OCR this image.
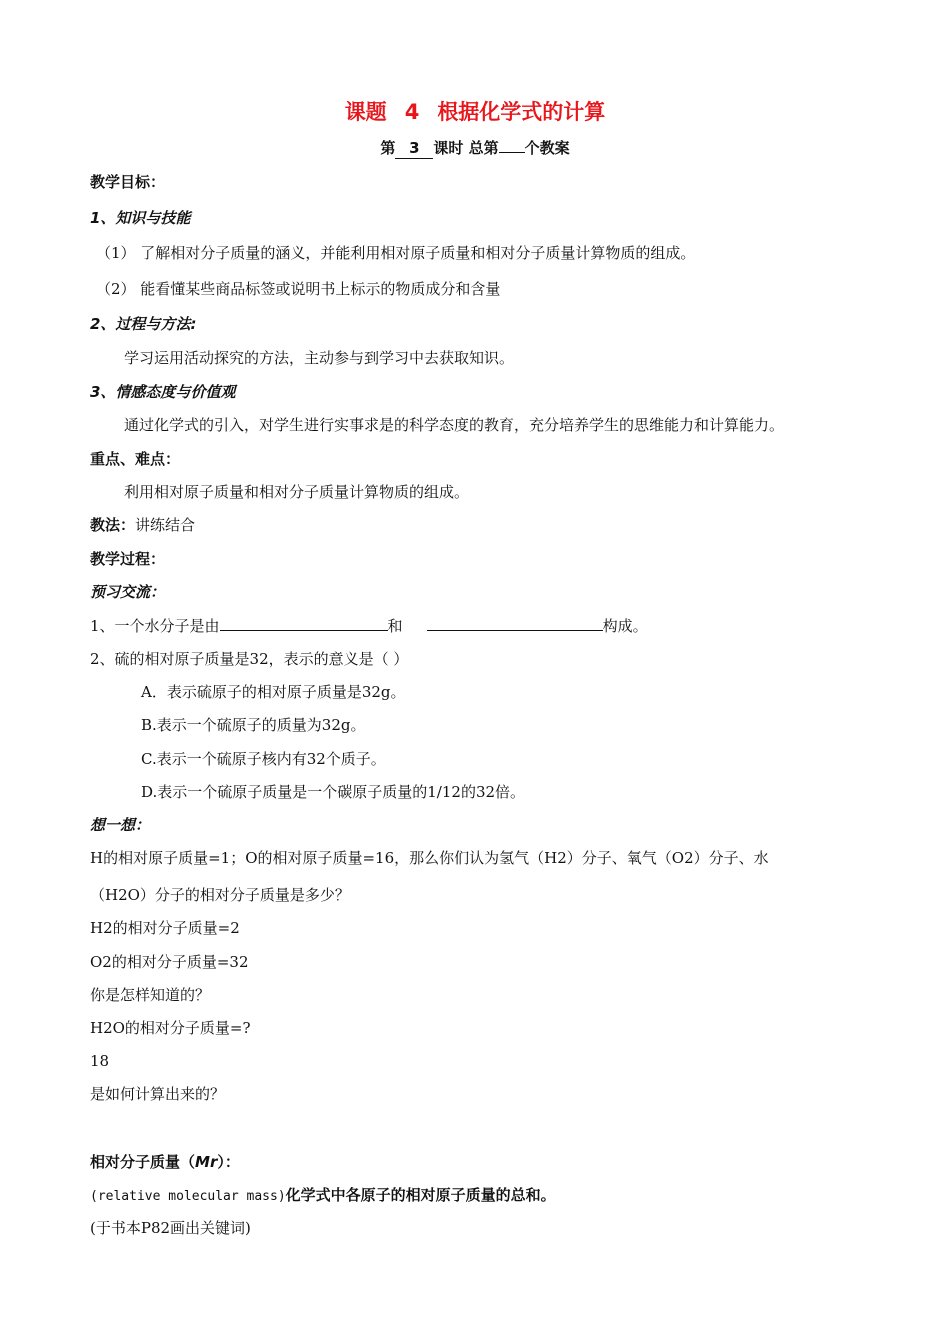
课题 4 根据化学式的计算
第 3 课时 总第 个教案
教学目标：
1、知识与技能
（1） 了解相对分子质量的涵义，并能利用相对原子质量和相对分子质量计算物质的组成。
（2） 能看懂某些商品标签或说明书上标示的物质成分和含量
2、过程与方法:
学习运用活动探究的方法，主动参与到学习中去获取知识。
3、情感态度与价值观
通过化学式的引入，对学生进行实事求是的科学态度的教育，充分培养学生的思维能力和计算能力。
重点、难点：
利用相对原子质量和相对分子质量计算物质的组成。
教法：讲练结合
教学过程：
预习交流：
1、一个水分子是由	和	构成。
2、硫的相对原子质量是32，表示的意义是（ ）
A．表示硫原子的相对原子质量是32g。
B.表示一个硫原子的质量为32g。
C.表示一个硫原子核内有32个质子。
D.表示一个硫原子质量是一个碳原子质量的1/12的32倍。
想一想：
H的相对原子质量=1；O的相对原子质量=16，那么你们认为氢气（H2）分子、氧气（O2）分子、水
（H2O）分子的相对分子质量是多少？
H2的相对分子质量=2
O2的相对分子质量=32
你是怎样知道的？
H2O的相对分子质量=?
18
是如何计算出来的？
相对分子质量（Mr）：
(relative molecular mass)化学式中各原子的相对原子质量的总和。
(于书本P82画出关键词)
